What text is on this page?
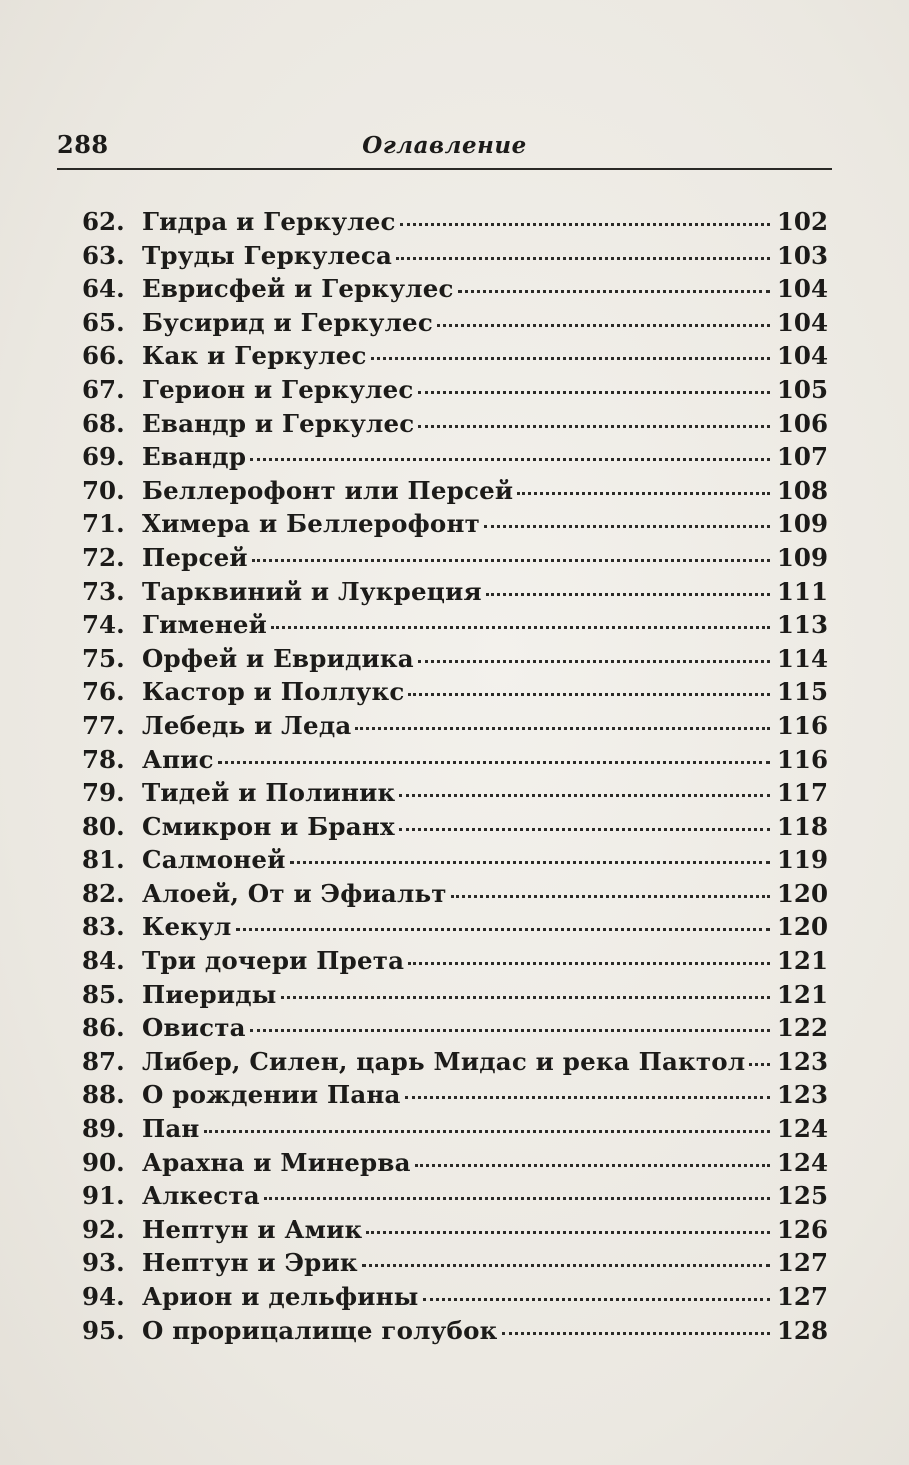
288	Оглавление
62. Гидра и Геркулес	102
63. Труды Геркулеса	103
64. Еврисфей и Геркулес	104
65. Бусирид и Геркулес	104
66. Как и Геркулес	104
67. Герион и Геркулес	105
68. Евандр и Геркулес	106
69. Евандр	107
70. Беллерофонт или Персей	108
71. Химера и Беллерофонт	109
72. Персей	109
73. Тарквиний и Лукреция	111
74. Гименей	113
75. Орфей и Евридика	114
76. Кастор и Поллукс	115
77. Лебедь и Леда	116
78. Апис	116
79. Тидей и Полиник	117
80. Смикрон и Бранх	118
81. Салмоней	119
82. Алоей, От и Эфиальт	120
83. Кекул	120
84. Три дочери Прета	121
85. Пиериды	121
86. Овиста	122
87. Либер, Силен, царь Мидас и река Пактол 123
88. О рождении Пана	123
89. Пан	124
90. Арахна и Минерва	124
91. Алкеста	125
92. Нептун и Амик	126
93. Нептун и Эрик	127
94. Арион и дельфины	127
95. О прорицалище голубок	128
